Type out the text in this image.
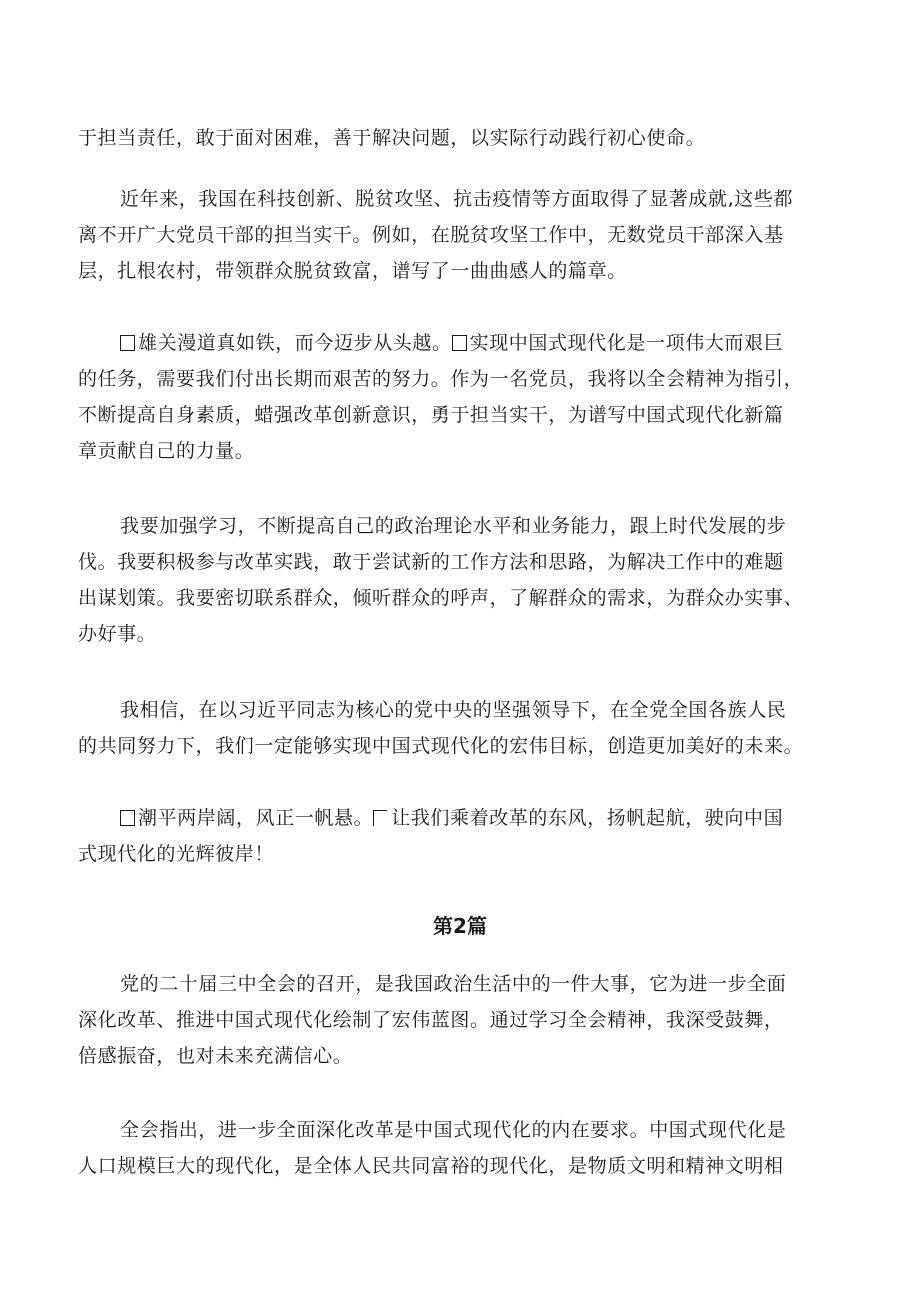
于担当责任，敢于面对困难，善于解决问题，以实际行动践行初心使命。

近年来，我国在科技创新、脱贫攻坚、抗击疫情等方面取得了显著成就,这些都
离不开广大党员干部的担当实干。例如，在脱贫攻坚工作中，无数党员干部深入基
层，扎根农村，带领群众脱贫致富，谱写了一曲曲感人的篇章。

雄关漫道真如铁，而今迈步从头越。 实现中国式现代化是一项伟大而艰巨
的任务，需要我们付出长期而艰苦的努力。作为一名党员，我将以全会精神为指引，
不断提高自身素质，蜡强改革创新意识，勇于担当实干，为谱写中国式现代化新篇
章贡献自己的力量。

我要加强学习，不断提高自己的政治理论水平和业务能力，跟上时代发展的步
伐。我要积极参与改革实践，敢于尝试新的工作方法和思路，为解决工作中的难题
出谋划策。我要密切联系群众，倾听群众的呼声，了解群众的需求，为群众办实事、
办好事。

我相信，在以习近平同志为核心的党中央的坚强领导下，在全党全国各族人民
的共同努力下，我们一定能够实现中国式现代化的宏伟目标，创造更加美好的未来。

潮平两岸阔，风正一帆悬。 让我们乘着改革的东风，扬帆起航，驶向中国
式现代化的光辉彼岸！

第2篇

党的二十届三中全会的召开，是我国政治生活中的一件大事，它为进一步全面
深化改革、推进中国式现代化绘制了宏伟蓝图。通过学习全会精神，我深受鼓舞，
倍感振奋，也对未来充满信心。

全会指出，进一步全面深化改革是中国式现代化的内在要求。中国式现代化是
人口规模巨大的现代化，是全体人民共同富裕的现代化，是物质文明和精神文明相
